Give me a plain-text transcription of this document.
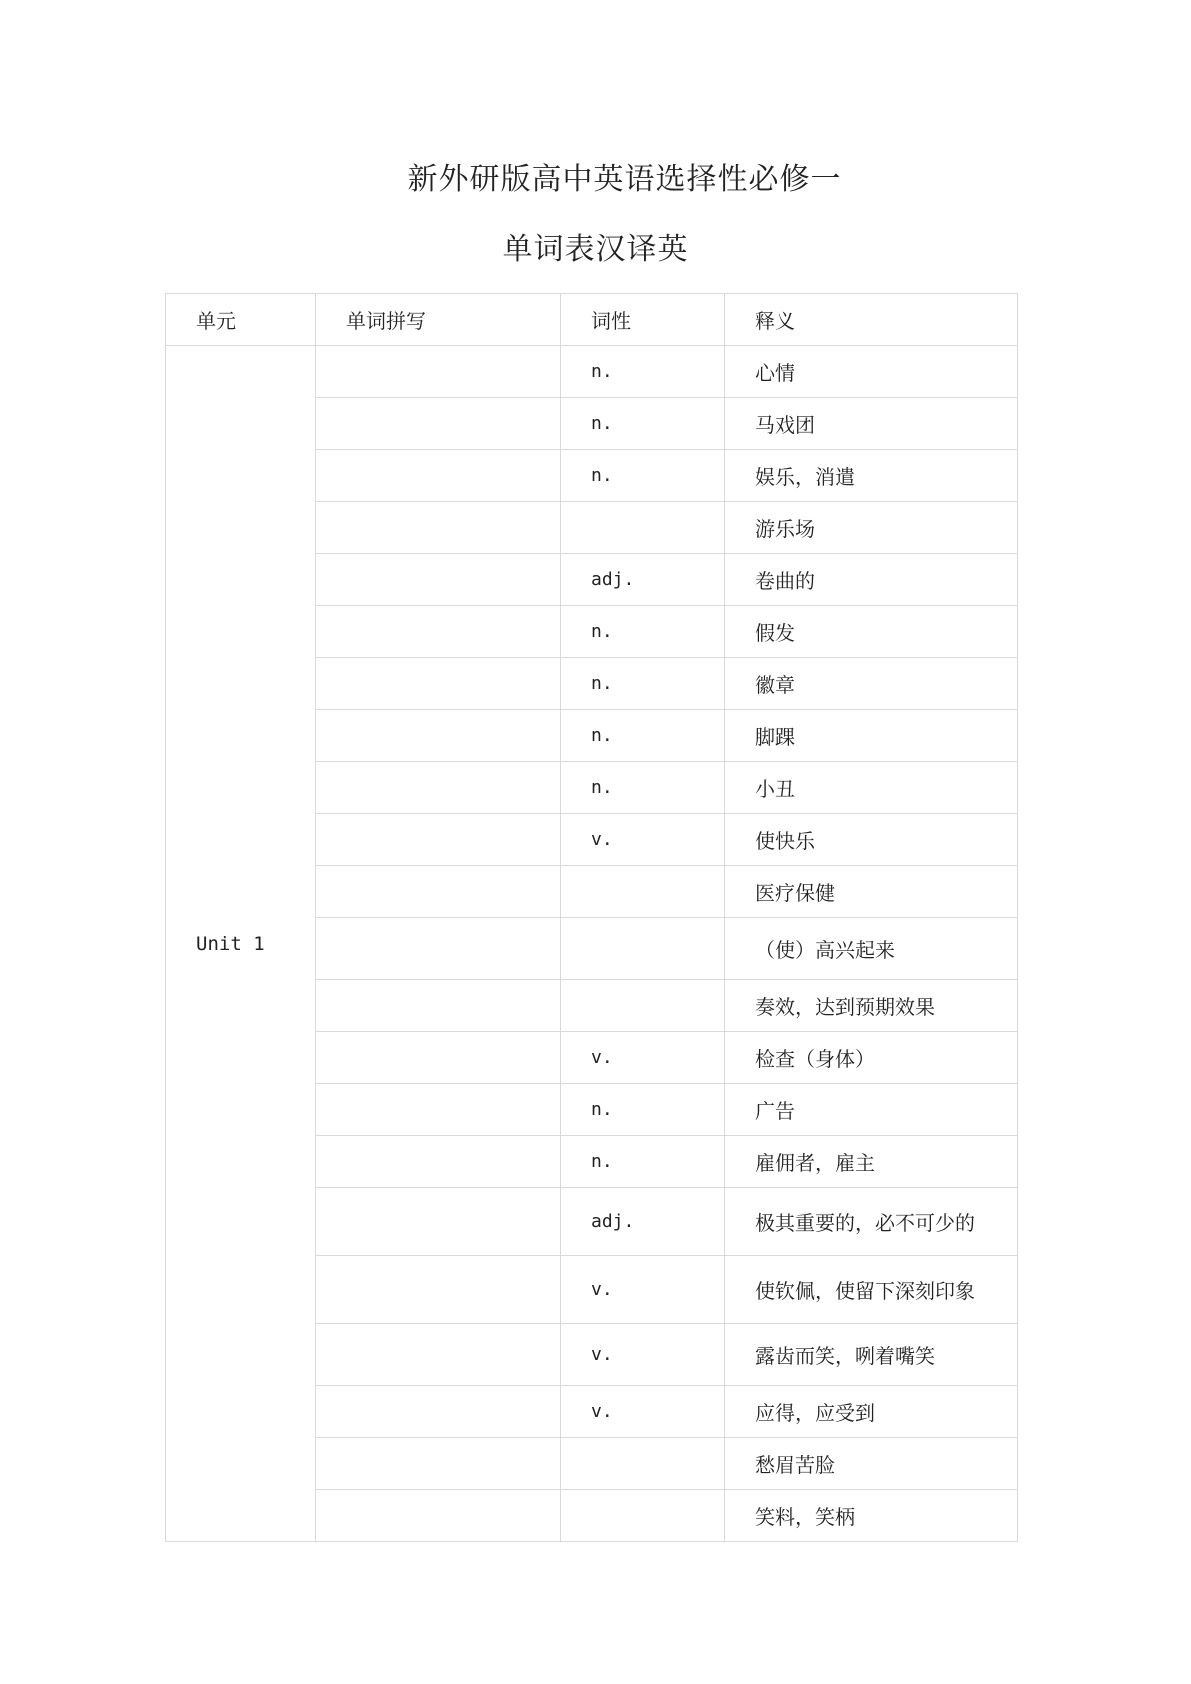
新外研版高中英语选择性必修一
单词表汉译英
单元	单词拼写	词性	释义
Unit 1		n.	心情
		n.	马戏团
		n.	娱乐，消遣
			游乐场
		adj.	卷曲的
		n.	假发
		n.	徽章
		n.	脚踝
		n.	小丑
		v.	使快乐
			医疗保健
			（使）高兴起来
			奏效，达到预期效果
		v.	检查（身体）
		n.	广告
		n.	雇佣者，雇主
		adj.	极其重要的，必不可少的
		v.	使钦佩，使留下深刻印象
		v.	露齿而笑，咧着嘴笑
		v.	应得，应受到
			愁眉苦脸
			笑料，笑柄
